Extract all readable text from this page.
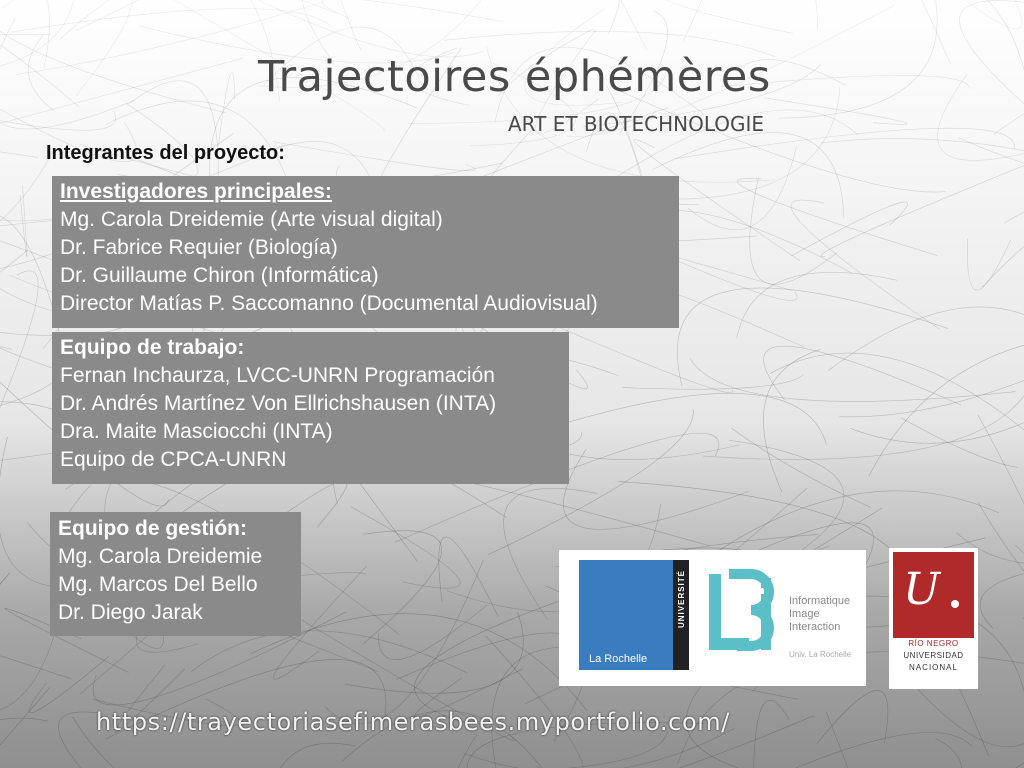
Trajectoires éphémères
ART ET BIOTECHNOLOGIE
Integrantes del proyecto:
Investigadores principales:
Mg. Carola Dreidemie (Arte visual digital)
Dr. Fabrice Requier (Biología)
Dr. Guillaume Chiron (Informática)
Director Matías P. Saccomanno (Documental Audiovisual)
Equipo de trabajo:
Fernan Inchaurza, LVCC-UNRN Programación
Dr. Andrés Martínez Von Ellrichshausen (INTA)
Dra. Maite Masciocchi (INTA)
Equipo de CPCA-UNRN
Equipo de gestión:
Mg. Carola Dreidemie
Mg. Marcos Del Bello
Dr. Diego Jarak	UNIVERSITÉ
La Rochelle
Informatique
Image
Interaction
Univ. La Rochelle
U
RÍO NEGRO
UNIVERSIDAD
NACIONAL
https://trayectoriasefimerasbees.myportfolio.com/
